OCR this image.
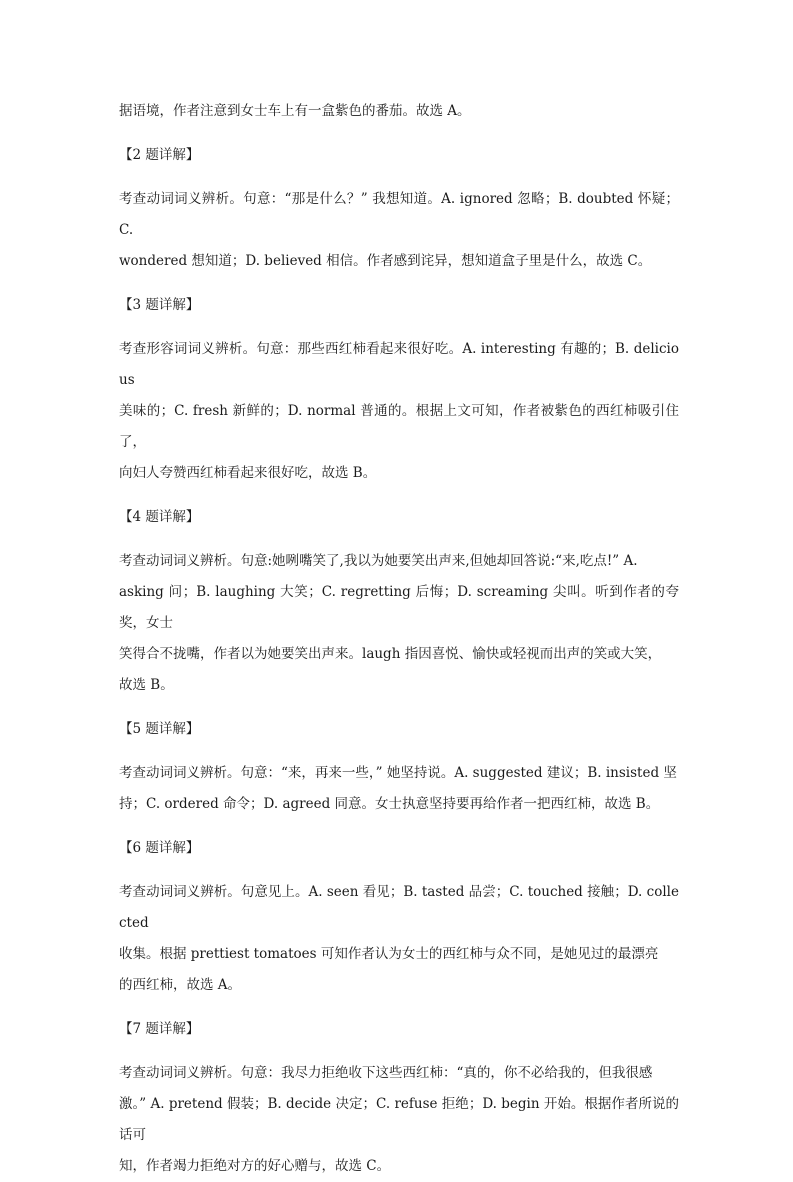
据语境，作者注意到女士车上有一盒紫色的番茄。故选 A。

【2 题详解】

考查动词词义辨析。句意：“那是什么？” 我想知道。A. ignored 忽略；B. doubted 怀疑；C.

wondered 想知道；D. believed 相信。作者感到诧异，想知道盒子里是什么，故选 C。

【3 题详解】

考查形容词词义辨析。句意：那些西红柿看起来很好吃。A. interesting 有趣的；B. delicious

美味的；C. fresh 新鲜的；D. normal 普通的。根据上文可知，作者被紫色的西红柿吸引住了，

向妇人夸赞西红柿看起来很好吃，故选 B。

【4 题详解】

考查动词词义辨析。句意:她咧嘴笑了,我以为她要笑出声来,但她却回答说:“来,吃点!” A.

asking 问；B. laughing 大笑；C. regretting 后悔；D. screaming 尖叫。听到作者的夸奖，女士

笑得合不拢嘴，作者以为她要笑出声来。laugh 指因喜悦、愉快或轻视而出声的笑或大笑，

故选 B。

【5 题详解】

考查动词词义辨析。句意：“来，再来一些，” 她坚持说。A. suggested 建议；B. insisted 坚

持；C. ordered 命令；D. agreed 同意。女士执意坚持要再给作者一把西红柿，故选 B。

【6 题详解】

考查动词词义辨析。句意见上。A. seen 看见；B. tasted 品尝；C. touched 接触；D. collected

收集。根据 prettiest tomatoes 可知作者认为女士的西红柿与众不同，是她见过的最漂亮

的西红柿，故选 A。

【7 题详解】

考查动词词义辨析。句意：我尽力拒绝收下这些西红柿：“真的，你不必给我的，但我很感

激。” A. pretend 假装；B. decide 决定；C. refuse 拒绝；D. begin 开始。根据作者所说的话可

知，作者竭力拒绝对方的好心赠与，故选 C。
